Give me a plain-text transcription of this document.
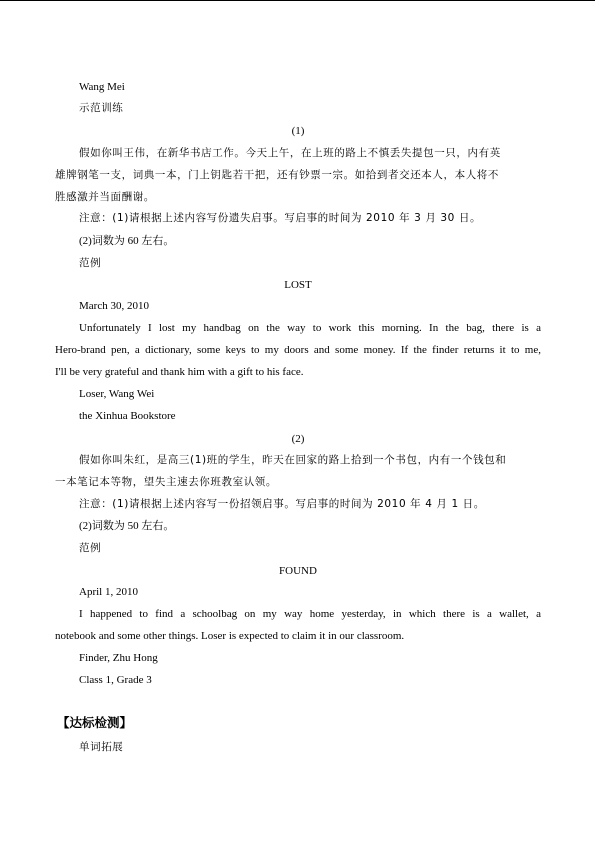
Wang Mei
示范训练
(1)
假如你叫王伟，在新华书店工作。今天上午，在上班的路上不慎丢失提包一只，内有英
雄牌钢笔一支，词典一本，门上钥匙若干把，还有钞票一宗。如拾到者交还本人，本人将不
胜感激并当面酬谢。
注意：(1)请根据上述内容写份遗失启事。写启事的时间为 2010 年 3 月 30 日。
(2)词数为 60 左右。
范例
LOST
March 30, 2010
Unfortunately I lost my handbag on the way to work this morning. In the bag, there is a
Hero-brand pen, a dictionary, some keys to my doors and some money. If the finder returns it to me,
I'll be very grateful and thank him with a gift to his face.
Loser, Wang Wei
the Xinhua Bookstore
(2)
假如你叫朱红，是高三(1)班的学生，昨天在回家的路上拾到一个书包，内有一个钱包和
一本笔记本等物，望失主速去你班教室认领。
注意：(1)请根据上述内容写一份招领启事。写启事的时间为 2010 年 4 月 1 日。
(2)词数为 50 左右。
范例
FOUND
April 1, 2010
I happened to find a schoolbag on my way home yesterday, in which there is a wallet, a
notebook and some other things. Loser is expected to claim it in our classroom.
Finder, Zhu Hong
Class 1, Grade 3
【达标检测】
单词拓展
